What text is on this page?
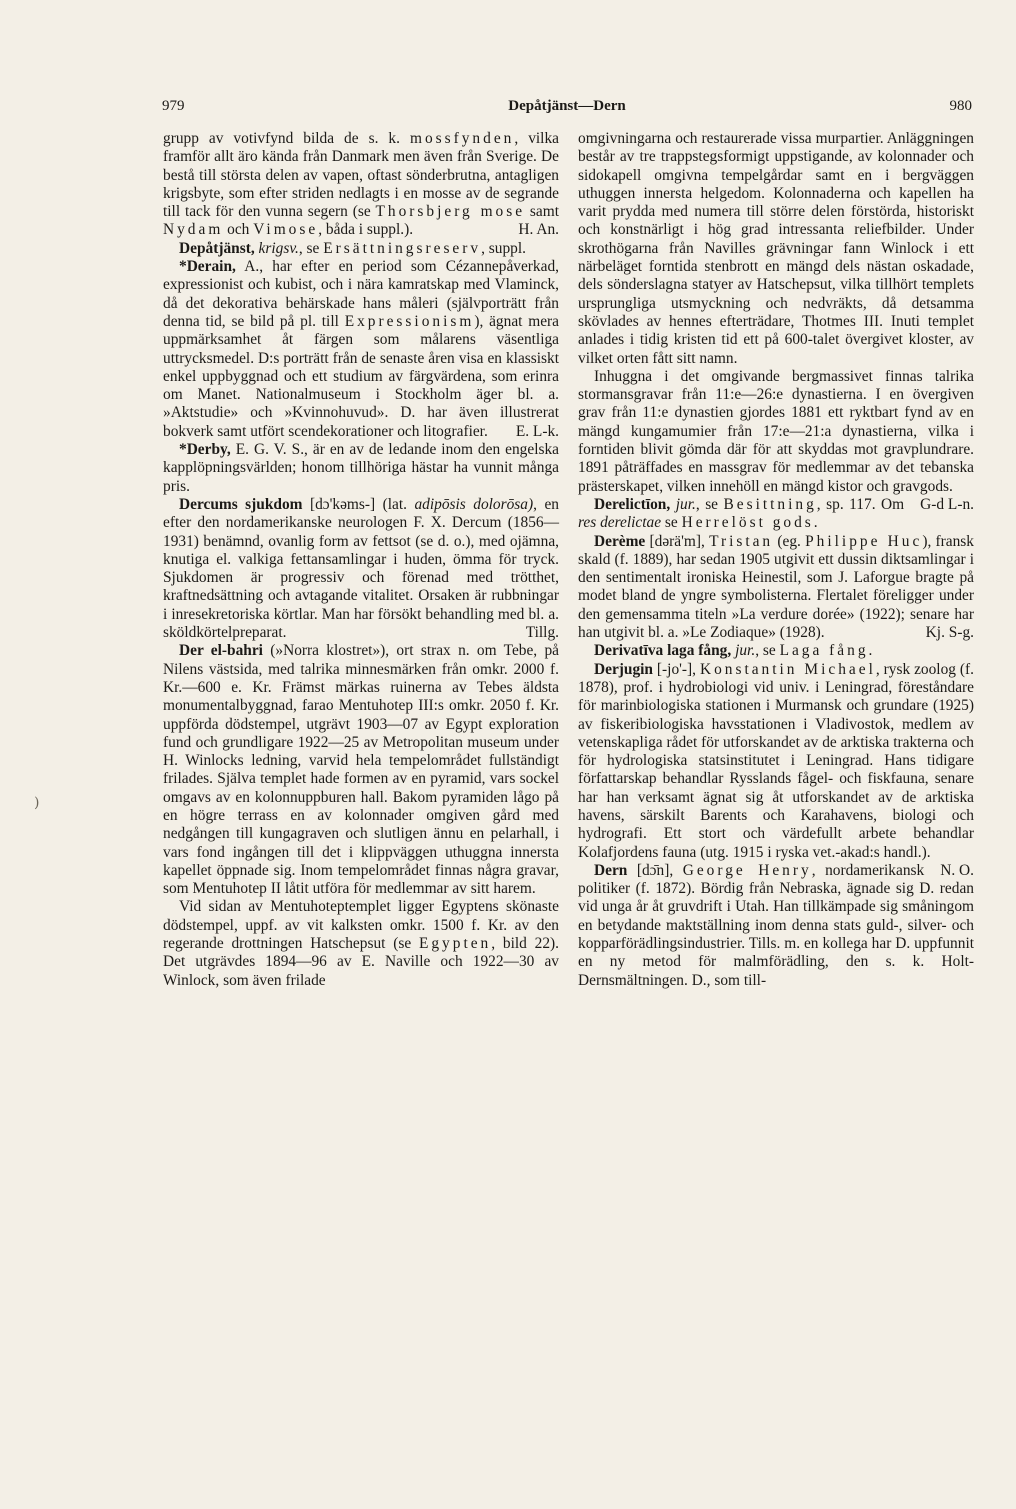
979	Depåtjänst—Dern	980
)

grupp av votivfynd bilda de s. k. mossfynden, vilka framför allt äro kända från Danmark men även från Sverige. De bestå till största delen av vapen, oftast sönderbrutna, antagligen krigsbyte, som efter striden nedlagts i en mosse av de segrande till tack för den vunna segern (se Thorsbjerg mose samt Nydam och Vimose, båda i suppl.).	H. An.

Depåtjänst, krigsv., se Ersättningsreserv, suppl.

*Derain, A., har efter en period som Cézannepåverkad, expressionist och kubist, och i nära kamratskap med Vlaminck, då det dekorativa behärskade hans måleri (självporträtt från denna tid, se bild på pl. till Expressionism), ägnat mera uppmärksamhet åt färgen som målarens väsentliga uttrycksmedel. D:s porträtt från de senaste åren visa en klassiskt enkel uppbyggnad och ett studium av färgvärdena, som erinra om Manet. Nationalmuseum i Stockholm äger bl. a. »Aktstudie» och »Kvinnohuvud». D. har även illustrerat bokverk samt utfört scendekorationer och litografier.	E. L-k.

*Derby, E. G. V. S., är en av de ledande inom den engelska kapplöpningsvärlden; honom tillhöriga hästar ha vunnit många pris.

Dercums sjukdom [dɔ'kəms-] (lat. adipōsis dolorōsa), en efter den nordamerikanske neurologen F. X. Dercum (1856—1931) benämnd, ovanlig form av fettsot (se d. o.), med ojämna, knutiga el. valkiga fettansamlingar i huden, ömma för tryck. Sjukdomen är progressiv och förenad med trötthet, kraftnedsättning och avtagande vitalitet. Orsaken är rubbningar i inresekretoriska körtlar. Man har försökt behandling med bl. a. sköldkörtelpreparat.	Tillg.

Der el-bahri (»Norra klostret»), ort strax n. om Tebe, på Nilens västsida, med talrika minnesmärken från omkr. 2000 f. Kr.—600 e. Kr. Främst märkas ruinerna av Tebes äldsta monumentalbyggnad, farao Mentuhotep III:s omkr. 2050 f. Kr. uppförda dödstempel, utgrävt 1903—07 av Egypt exploration fund och grundligare 1922—25 av Metropolitan museum under H. Winlocks ledning, varvid hela tempelområdet fullständigt frilades. Själva templet hade formen av en pyramid, vars sockel omgavs av en kolonnuppburen hall. Bakom pyramiden lågo på en högre terrass en av kolonnader omgiven gård med nedgången till kungagraven och slutligen ännu en pelarhall, i vars fond ingången till det i klippväggen uthuggna innersta kapellet öppnade sig. Inom tempelområdet finnas några gravar, som Mentuhotep II låtit utföra för medlemmar av sitt harem.

Vid sidan av Mentuhoteptemplet ligger Egyptens skönaste dödstempel, uppf. av vit kalksten omkr. 1500 f. Kr. av den regerande drottningen Hatschepsut (se Egypten, bild 22). Det utgrävdes 1894—96 av E. Naville och 1922—30 av Winlock, som även frilade

omgivningarna och restaurerade vissa murpartier. Anläggningen består av tre trappstegsformigt uppstigande, av kolonnader och sidokapell omgivna tempelgårdar samt en i bergväggen uthuggen innersta helgedom. Kolonnaderna och kapellen ha varit prydda med numera till större delen förstörda, historiskt och konstnärligt i hög grad intressanta reliefbilder. Under skrothögarna från Navilles grävningar fann Winlock i ett närbeläget forntida stenbrott en mängd dels nästan oskadade, dels sönderslagna statyer av Hatschepsut, vilka tillhört templets ursprungliga utsmyckning och nedvräkts, då detsamma skövlades av hennes efterträdare, Thotmes III. Inuti templet anlades i tidig kristen tid ett på 600-talet övergivet kloster, av vilket orten fått sitt namn.

Inhuggna i det omgivande bergmassivet finnas talrika stormansgravar från 11:e—26:e dynastierna. I en övergiven grav från 11:e dynastien gjordes 1881 ett ryktbart fynd av en mängd kungamumier från 17:e—21:a dynastierna, vilka i forntiden blivit gömda där för att skyddas mot gravplundrare. 1891 påträffades en massgrav för medlemmar av det tebanska prästerskapet, vilken innehöll en mängd kistor och gravgods.
G-d L-n.

Derelictīon, jur., se Besittning, sp. 117. Om res derelictae se Herrelöst gods.

Derème [dərä'm], Tristan (eg. Philippe Huc), fransk skald (f. 1889), har sedan 1905 utgivit ett dussin diktsamlingar i den sentimentalt ironiska Heinestil, som J. Laforgue bragte på modet bland de yngre symbolisterna. Flertalet föreligger under den gemensamma titeln »La verdure dorée» (1922); senare har han utgivit bl. a. »Le Zodiaque» (1928).	Kj. S-g.

Derivatīva laga fång, jur., se Laga fång.

Derjugin [-jo'-], Konstantin Michael, rysk zoolog (f. 1878), prof. i hydrobiologi vid univ. i Leningrad, föreståndare för marinbiologiska stationen i Murmansk och grundare (1925) av fiskeribiologiska havsstationen i Vladivostok, medlem av vetenskapliga rådet för utforskandet av de arktiska trakterna och för hydrologiska statsinstitutet i Leningrad. Hans tidigare författarskap behandlar Rysslands fågel- och fiskfauna, senare har han verksamt ägnat sig åt utforskandet av de arktiska havens, särskilt Barents och Karahavens, biologi och hydrografi. Ett stort och värdefullt arbete behandlar Kolafjordens fauna (utg. 1915 i ryska vet.-akad:s handl.).
N. O.

Dern [dɔ̄n], George Henry, nordamerikansk politiker (f. 1872). Bördig från Nebraska, ägnade sig D. redan vid unga år åt gruvdrift i Utah. Han tillkämpade sig småningom en betydande maktställning inom denna stats guld-, silver- och kopparförädlingsindustrier. Tills. m. en kollega har D. uppfunnit en ny metod för malmförädling, den s. k. Holt-Dernsmältningen. D., som till-
